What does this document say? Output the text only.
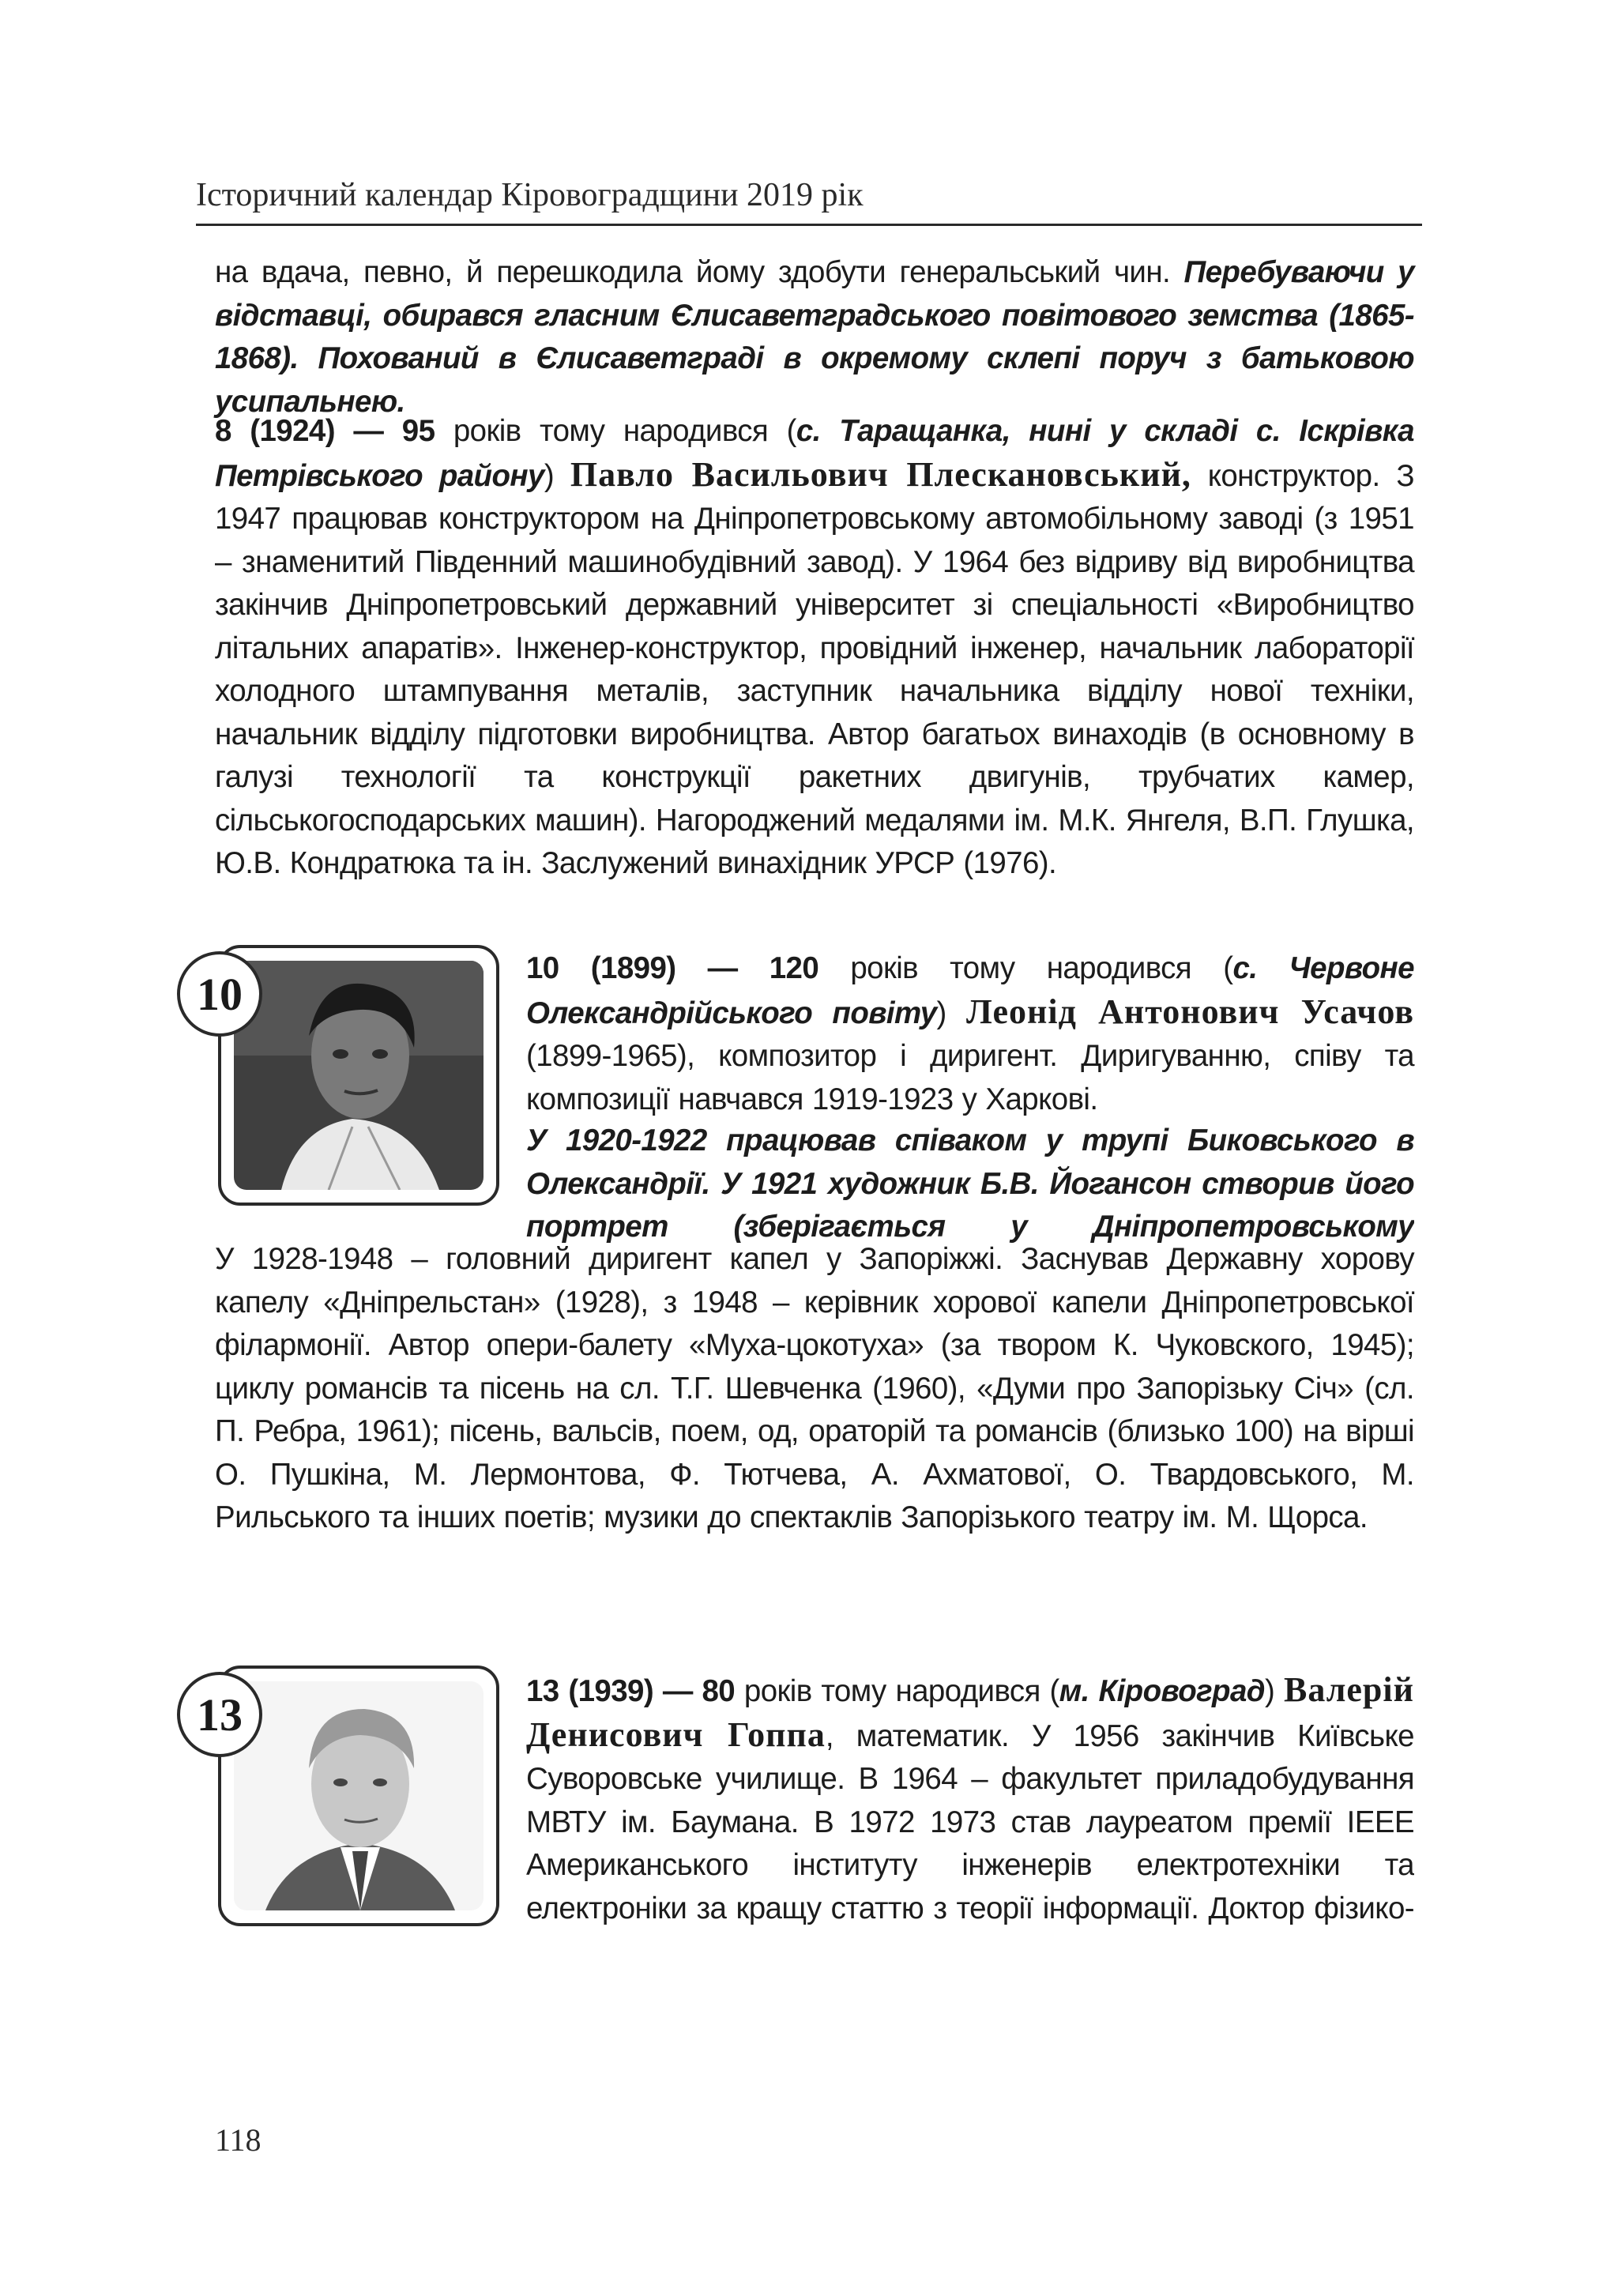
Історичний календар Кіровоградщини 2019 рік

на вдача, певно, й перешкодила йому здобути генеральський чин. Перебуваючи у відставці, обирався гласним Єлисаветградського повітового земства (1865-1868). Похований в Єлисаветграді в окремому склепі поруч з батьковою усипальнею.

8 (1924) — 95 років тому народився (с. Таращанка, нині у складі с. Іскрівка Петрівського району) Павло Васильович Плескановський, конструктор. З 1947 працював конструктором на Дніпропетровському автомобільному заводі (з 1951 – знаменитий Південний машинобудівний завод). У 1964 без відриву від виробництва закінчив Дніпропетровський державний університет зі спеціальності «Виробництво літальних апаратів». Інженер-конструктор, провідний інженер, начальник лабораторії холодного штампування металів, заступник начальника відділу нової техніки, начальник відділу підготовки виробництва. Автор багатьох винаходів (в основному в галузі технології та конструкції ракетних двигунів, трубчатих камер, сільськогосподарських машин). Нагороджений медалями ім. М.К. Янгеля, В.П. Глушка, Ю.В. Кондратюка та ін. Заслужений винахідник УРСР (1976).

10	10 (1899) — 120 років тому народився (с. Червоне Олександрійського повіту) Леонід Антонович Усачов (1899-1965), композитор і диригент. Диригуванню, співу та композиції навчався 1919-1923 у Харкові.

У 1920-1922 працював співаком у трупі Биковського в Олександрії. У 1921 художник Б.В. Йогансон створив його портрет (зберігається у Дніпропетровському

У 1928-1948 – головний диригент капел у Запоріжжі. Заснував Державну хорову капелу «Дніпрельстан» (1928), з 1948 – керівник хорової капели Дніпропетровської філармонії. Автор опери-балету «Муха-цокотуха» (за твором К. Чуковского, 1945); циклу романсів та пісень на сл. Т.Г. Шевченка (1960), «Думи про Запорізьку Січ» (сл. П. Ребра, 1961); пісень, вальсів, поем, од, ораторій та романсів (близько 100) на вірші О. Пушкіна, М. Лермонтова, Ф. Тютчева, А. Ахматової, О. Твардовського, М. Рильського та інших поетів; музики до спектаклів Запорізького театру ім. М. Щорса.

13	13 (1939) — 80 років тому народився (м. Кіровоград) Валерій Денисович Гоппа, математик. У 1956 закінчив Київське Суворовське училище. В 1964 – факультет приладобудування МВТУ ім. Баумана. В 1972 1973 став лауреатом премії IEEE Американського інституту інженерів електротехніки та електроніки за кращу статтю з теорії інформації. Доктор фізико-

118
